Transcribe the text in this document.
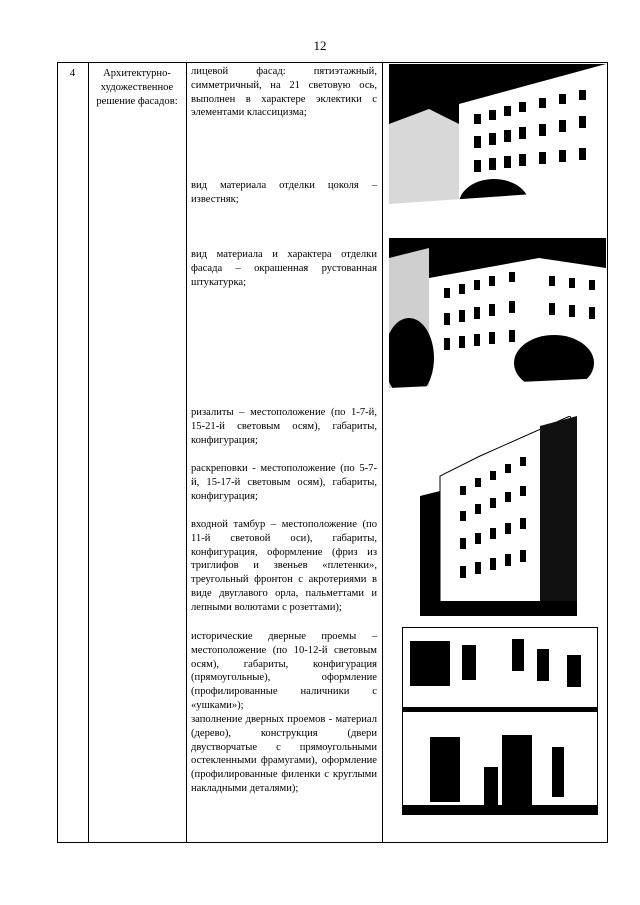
12
4	Архитектурно-художественное решение фасадов:

лицевой фасад: пятиэтажный, симметричный, на 21 световую ось, выполнен в характере эклектики с элементами классицизма;

вид материала отделки цоколя – известняк;

вид материала и характера отделки фасада – окрашенная рустованная штукатурка;

ризалиты – местоположение (по 1-7-й, 15-21-й световым осям), габариты, конфигурация;

раскреповки - местоположение (по 5-7-й, 15-17-й световым осям), габариты, конфигурация;

входной тамбур – местоположение (по 11-й световой оси), габариты, конфигурация, оформление (фриз из триглифов и звеньев «плетенки», треугольный фронтон с акротериями в виде двуглавого орла, пальметтами и лепными волютами с розеттами);

исторические дверные проемы – местоположение (по 10-12-й световым осям), габариты, конфигурация (прямоугольные), оформление (профилированные наличники с «ушками»);

заполнение дверных проемов - материал (дерево), конструкция (двери двустворчатые с прямоугольными остекленными фрамугами), оформление (профилированные филенки с круглыми накладными деталями);
